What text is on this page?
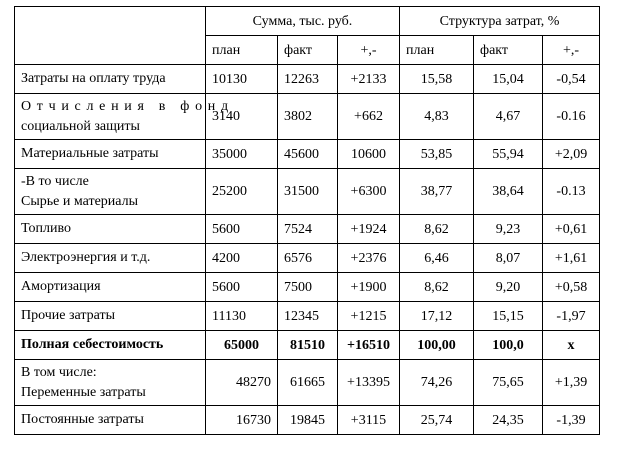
	Сумма, тыс. руб.			Структура затрат, %		
	план	факт	+,-	план	факт	+,-

Затраты на оплату труда	10130	12263	+2133	15,58	15,04	-0,54

Отчисления в фонд
социальной защиты	3140	3802	+662	4,83	4,67	-0.16

Материальные затраты	35000	45600	10600	53,85	55,94	+2,09

-В то числе
Сырье и материалы	25200	31500	+6300	38,77	38,64	-0.13

Топливо	5600	7524	+1924	8,62	9,23	+0,61

Электроэнергия и т.д.	4200	6576	+2376	6,46	8,07	+1,61

Амортизация	5600	7500	+1900	8,62	9,20	+0,58

Прочие затраты	11130	12345	+1215	17,12	15,15	-1,97

Полная себестоимость	65000	81510	+16510	100,00	100,0	х

В том числе:
Переменные затраты	48270	61665	+13395	74,26	75,65	+1,39

Постоянные затраты	16730	19845	+3115	25,74	24,35	-1,39
